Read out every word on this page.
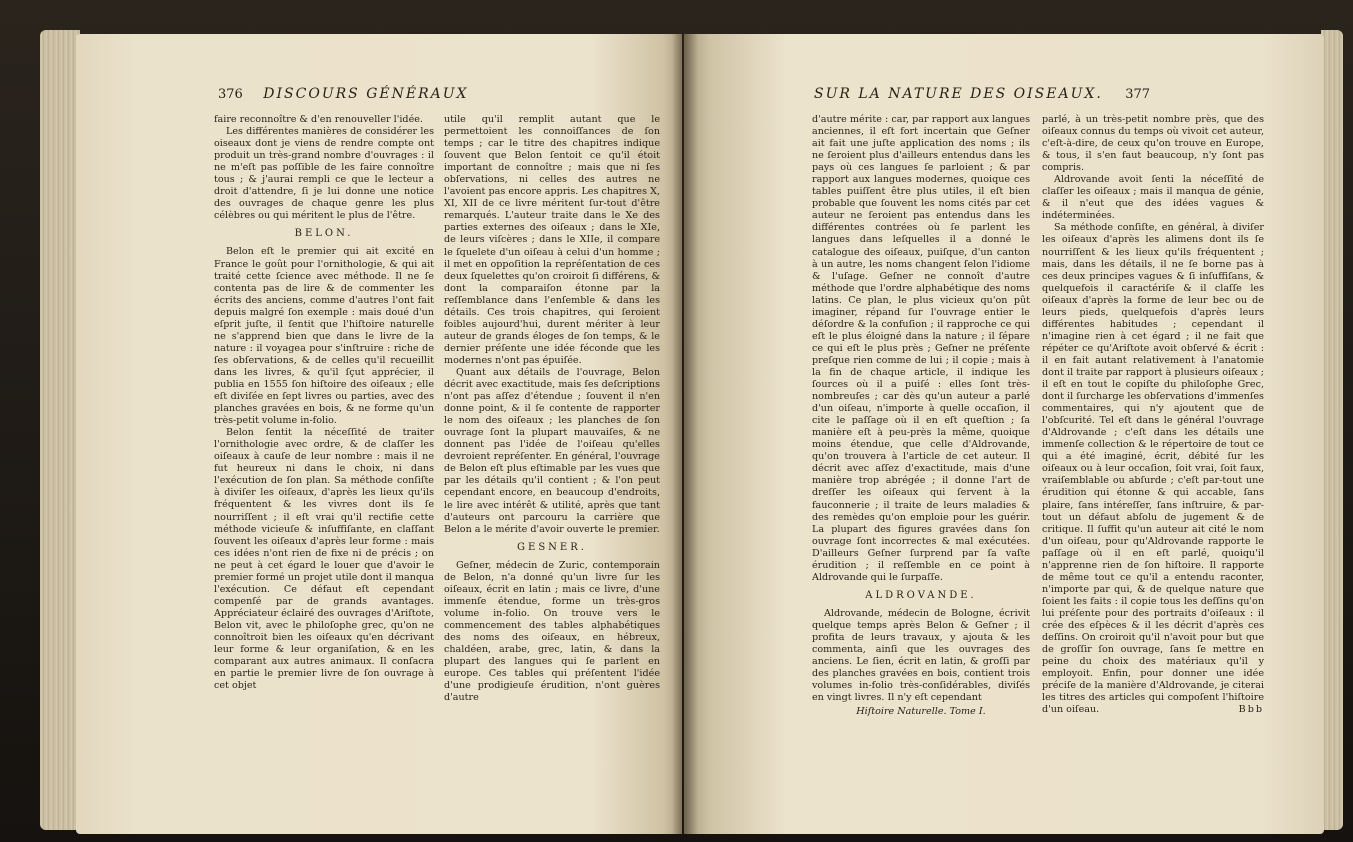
376 DISCOURS GÉNÉRAUX

faire reconnoître & d'en renouveller l'idée.

Les différentes manières de considérer les oiseaux dont je viens de rendre compte ont produit un très-grand nombre d'ouvrages : il ne m'eſt pas poſſible de les faire connoître tous ; & j'aurai rempli ce que le lecteur a droit d'attendre, ſi je lui donne une notice des ouvrages de chaque genre les plus célèbres ou qui méritent le plus de l'être.

BELON.

Belon eſt le premier qui ait excité en France le goût pour l'ornithologie, & qui ait traité cette ſcience avec méthode. Il ne ſe contenta pas de lire & de commenter les écrits des anciens, comme d'autres l'ont fait depuis malgré ſon exemple : mais doué d'un eſprit juſte, il ſentit que l'hiſtoire naturelle ne s'apprend bien que dans le livre de la nature : il voyagea pour s'inſtruire : riche de ſes obſervations, & de celles qu'il recueillit dans les livres, & qu'il ſçut apprécier, il publia en 1555 ſon hiſtoire des oiſeaux ; elle eſt diviſée en ſept livres ou parties, avec des planches gravées en bois, & ne forme qu'un très-petit volume in-folio.

Belon ſentit la néceſſité de traiter l'ornithologie avec ordre, & de claſſer les oiſeaux à cauſe de leur nombre : mais il ne fut heureux ni dans le choix, ni dans l'exécution de ſon plan. Sa méthode conſiſte à diviſer les oiſeaux, d'après les lieux qu'ils fréquentent & les vivres dont ils ſe nourriſſent ; il eſt vrai qu'il rectifie cette méthode vicieuſe & inſuffiſante, en claſſant ſouvent les oiſeaux d'après leur forme : mais ces idées n'ont rien de fixe ni de précis ; on ne peut à cet égard le louer que d'avoir le premier formé un projet utile dont il manqua l'exécution. Ce défaut eſt cependant compenſé par de grands avantages. Appréciateur éclairé des ouvrages d'Ariſtote, Belon vit, avec le philoſophe grec, qu'on ne connoîtroit bien les oiſeaux qu'en décrivant leur forme & leur organiſation, & en les comparant aux autres animaux. Il conſacra en partie le premier livre de ſon ouvrage à cet objet

utile qu'il remplit autant que le permettoient les connoiſſances de ſon temps ; car le titre des chapitres indique ſouvent que Belon ſentoit ce qu'il étoit important de connoître ; mais que ni ſes obſervations, ni celles des autres ne l'avoient pas encore appris. Les chapitres X, XI, XII de ce livre méritent ſur-tout d'être remarqués. L'auteur traite dans le Xe des parties externes des oiſeaux ; dans le XIe, de leurs viſcères ; dans le XIIe, il compare le ſquelete d'un oiſeau à celui d'un homme ; il met en oppoſition la repréſentation de ces deux ſquelettes qu'on croiroit ſi différens, & dont la comparaiſon étonne par la reſſemblance dans l'enſemble & dans les détails. Ces trois chapitres, qui ſeroient foibles aujourd'hui, durent mériter à leur auteur de grands éloges de ſon temps, & le dernier préſente une idée féconde que les modernes n'ont pas épuiſée.

Quant aux détails de l'ouvrage, Belon décrit avec exactitude, mais ſes deſcriptions n'ont pas aſſez d'étendue ; ſouvent il n'en donne point, & il ſe contente de rapporter le nom des oiſeaux ; les planches de ſon ouvrage ſont la plupart mauvaiſes, & ne donnent pas l'idée de l'oiſeau qu'elles devroient repréſenter. En général, l'ouvrage de Belon eſt plus eſtimable par les vues que par les détails qu'il contient ; & l'on peut cependant encore, en beaucoup d'endroits, le lire avec intérêt & utilité, après que tant d'auteurs ont parcouru la carrière que Belon a le mérite d'avoir ouverte le premier.

GESNER.

Geſner, médecin de Zuric, contemporain de Belon, n'a donné qu'un livre ſur les oiſeaux, écrit en latin ; mais ce livre, d'une immenſe étendue, forme un très-gros volume in-folio. On trouve vers le commencement des tables alphabétiques des noms des oiſeaux, en hébreux, chaldéen, arabe, grec, latin, & dans la plupart des langues qui ſe parlent en europe. Ces tables qui préſentent l'idée d'une prodigieuſe érudition, n'ont guères d'autre

SUR LA NATURE DES OISEAUX. 377

d'autre mérite : car, par rapport aux langues anciennes, il eſt fort incertain que Geſner ait fait une juſte application des noms ; ils ne ſeroient plus d'ailleurs entendus dans les pays où ces langues ſe parloient ; & par rapport aux langues modernes, quoique ces tables puiſſent être plus utiles, il eſt bien probable que ſouvent les noms cités par cet auteur ne ſeroient pas entendus dans les différentes contrées où ſe parlent les langues dans leſquelles il a donné le catalogue des oiſeaux, puiſque, d'un canton à un autre, les noms changent ſelon l'idiome & l'uſage. Geſner ne connoît d'autre méthode que l'ordre alphabétique des noms latins. Ce plan, le plus vicieux qu'on pût imaginer, répand ſur l'ouvrage entier le déſordre & la confuſion ; il rapproche ce qui eſt le plus éloigné dans la nature ; il ſépare ce qui eſt le plus près ; Geſner ne préſente preſque rien comme de lui ; il copie ; mais à la fin de chaque article, il indique les ſources où il a puiſé : elles ſont très-nombreuſes ; car dès qu'un auteur a parlé d'un oiſeau, n'importe à quelle occaſion, il cite le paſſage où il en eſt queſtion ; ſa manière eſt à peu-près la même, quoique moins étendue, que celle d'Aldrovande, qu'on trouvera à l'article de cet auteur. Il décrit avec aſſez d'exactitude, mais d'une manière trop abrégée ; il donne l'art de dreſſer les oiſeaux qui ſervent à la fauconnerie ; il traite de leurs maladies & des remèdes qu'on emploie pour les guérir. La plupart des figures gravées dans ſon ouvrage ſont incorrectes & mal exécutées. D'ailleurs Geſner ſurprend par ſa vaſte érudition ; il reſſemble en ce point à Aldrovande qui le ſurpaſſe.

ALDROVANDE.

Aldrovande, médecin de Bologne, écrivit quelque temps après Belon & Geſner ; il profita de leurs travaux, y ajouta & les commenta, ainſi que les ouvrages des anciens. Le ſien, écrit en latin, & groſſi par des planches gravées en bois, contient trois volumes in-folio très-conſidérables, diviſés en vingt livres. Il n'y eſt cependant

Hiſtoire Naturelle. Tome I.

parlé, à un très-petit nombre près, que des oiſeaux connus du temps où vivoit cet auteur, c'eſt-à-dire, de ceux qu'on trouve en Europe, & tous, il s'en faut beaucoup, n'y ſont pas compris.

Aldrovande avoit ſenti la néceſſité de claſſer les oiſeaux ; mais il manqua de génie, & il n'eut que des idées vagues & indéterminées.

Sa méthode conſiſte, en général, à diviſer les oiſeaux d'après les alimens dont ils ſe nourriſſent & les lieux qu'ils fréquentent ; mais, dans les détails, il ne ſe borne pas à ces deux principes vagues & ſi inſuffiſans, & quelquefois il caractériſe & il claſſe les oiſeaux d'après la forme de leur bec ou de leurs pieds, quelquefois d'après leurs différentes habitudes ; cependant il n'imagine rien à cet égard ; il ne fait que répéter ce qu'Ariſtote avoit obſervé & écrit : il en fait autant relativement à l'anatomie dont il traite par rapport à plusieurs oiſeaux ; il eſt en tout le copiſte du philoſophe Grec, dont il ſurcharge les obſervations d'immenſes commentaires, qui n'y ajoutent que de l'obſcurité. Tel eſt dans le général l'ouvrage d'Aldrovande ; c'eſt dans les détails une immenſe collection & le répertoire de tout ce qui a été imaginé, écrit, débité ſur les oiſeaux ou à leur occaſion, ſoit vrai, ſoit faux, vraiſemblable ou abſurde ; c'eſt par-tout une érudition qui étonne & qui accable, ſans plaire, ſans intéreſſer, ſans inſtruire, & par-tout un défaut abſolu de jugement & de critique. Il ſuffit qu'un auteur ait cité le nom d'un oiſeau, pour qu'Aldrovande rapporte le paſſage où il en eſt parlé, quoiqu'il n'apprenne rien de ſon hiſtoire. Il rapporte de même tout ce qu'il a entendu raconter, n'importe par qui, & de quelque nature que ſoient les faits : il copie tous les deſſins qu'on lui préſente pour des portraits d'oiſeaux : il crée des eſpèces & il les décrit d'après ces deſſins. On croiroit qu'il n'avoit pour but que de groſſir ſon ouvrage, ſans ſe mettre en peine du choix des matériaux qu'il y employoit. Enfin, pour donner une idée préciſe de la manière d'Aldrovande, je citerai les titres des articles qui compoſent l'hiſtoire d'un oiſeau.	Bbb
